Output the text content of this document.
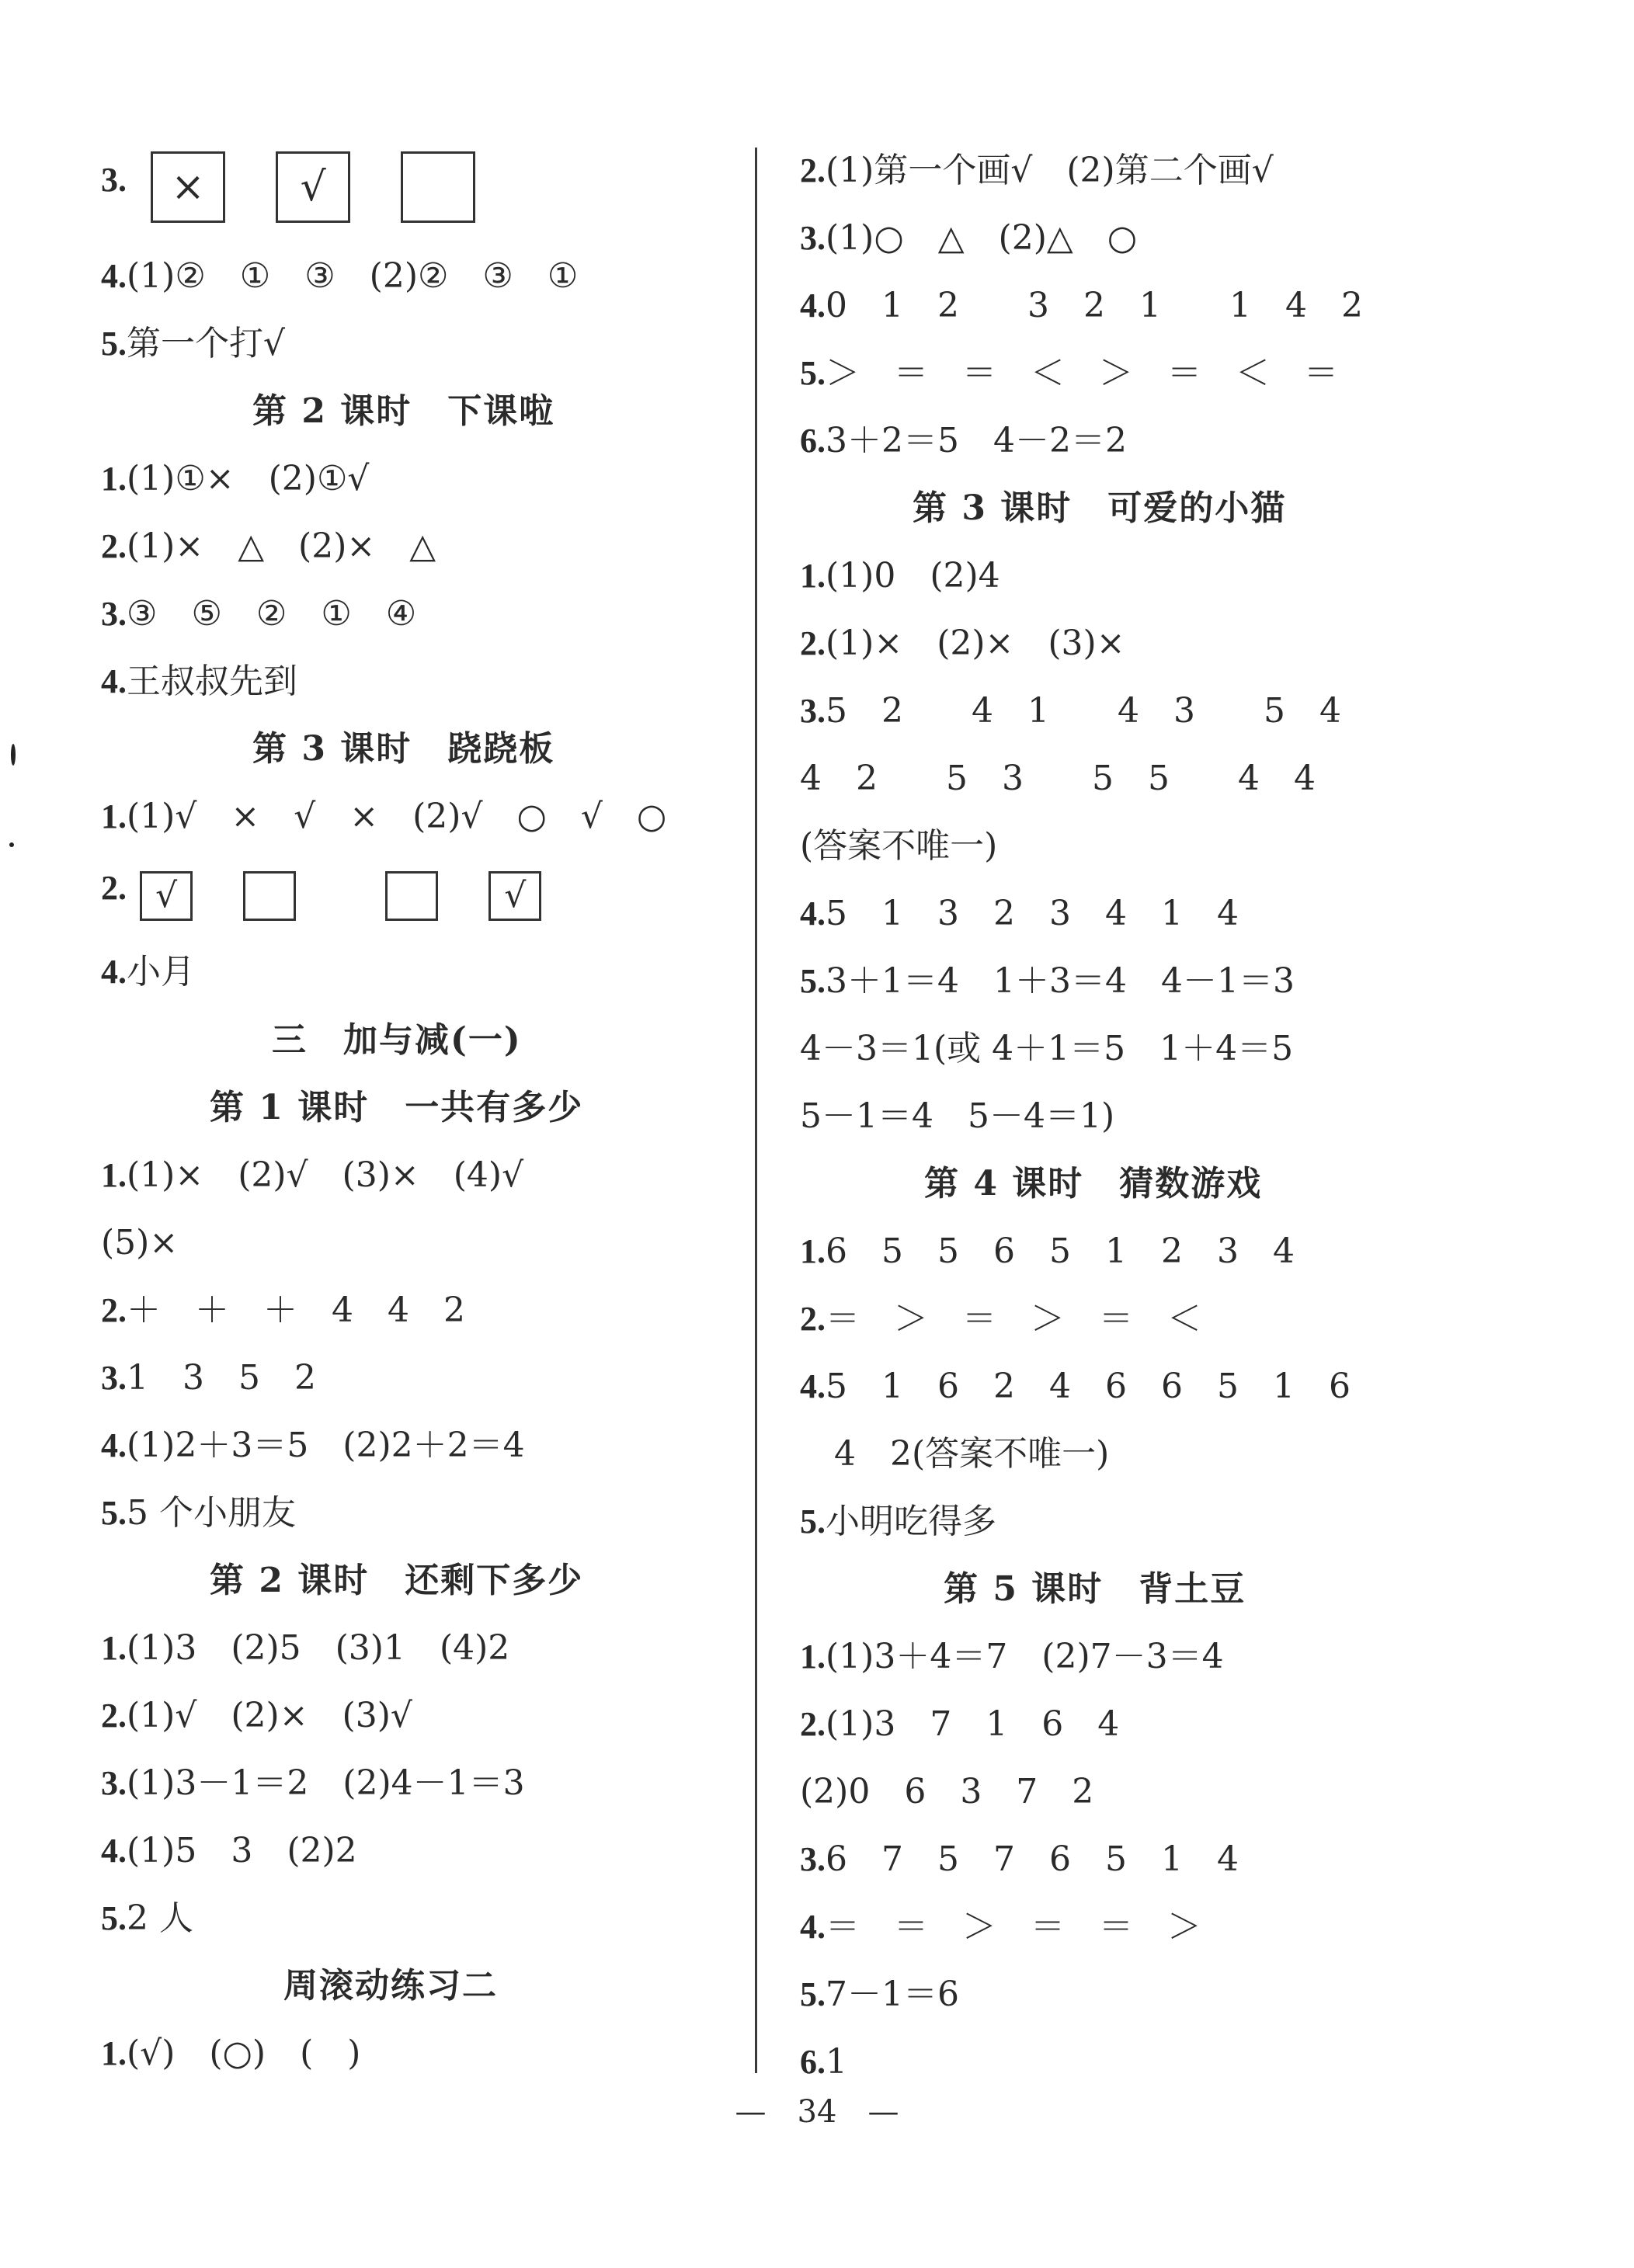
3. × √
4.(1)②　①　③　(2)②　③　①
5.第一个打√
第 2 课时　下课啦
1.(1)①×　(2)①√
2.(1)×　△　(2)×　△
3.③　⑤　②　①　④
4.王叔叔先到
第 3 课时　跷跷板
1.(1)√　×　√　×　(2)√　○　√　○
2. √	√
4.小月
三　加与减(一)
第 1 课时　一共有多少
1.(1)×　(2)√　(3)×　(4)√
(5)×
2.＋　＋　＋　4　4　2
3.1　3　5　2
4.(1)2＋3＝5　(2)2＋2＝4
5.5 个小朋友
第 2 课时　还剩下多少
1.(1)3　(2)5　(3)1　(4)2
2.(1)√　(2)×　(3)√
3.(1)3－1＝2　(2)4－1＝3
4.(1)5　3　(2)2
5.2 人
周滚动练习二
1.(√)　(○)　(　)
2.(1)第一个画√　(2)第二个画√
3.(1)○　△　(2)△　○
4.0　1　2　　3　2　1　　1　4　2
5.＞　＝　＝　＜　＞　＝　＜　＝
6.3＋2＝5　4－2＝2
第 3 课时　可爱的小猫
1.(1)0　(2)4
2.(1)×　(2)×　(3)×
3.5　2　　4　1　　4　3　　5　4
4　2　　5　3　　5　5　　4　4
(答案不唯一)
4.5　1　3　2　3　4　1　4
5.3＋1＝4　1＋3＝4　4－1＝3
4－3＝1(或 4＋1＝5　1＋4＝5
5－1＝4　5－4＝1)
第 4 课时　猜数游戏
1.6　5　5　6　5　1　2　3　4
2.＝　＞　＝　＞　＝　＜
4.5　1　6　2　4　6　6　5　1　6
　4　2(答案不唯一)
5.小明吃得多
第 5 课时　背土豆
1.(1)3＋4＝7　(2)7－3＝4
2.(1)3　7　1　6　4
(2)0　6　3　7　2
3.6　7　5　7　6　5　1　4
4.＝　＝　＞　＝　＝　＞
5.7－1＝6
6.1
—　34　—
